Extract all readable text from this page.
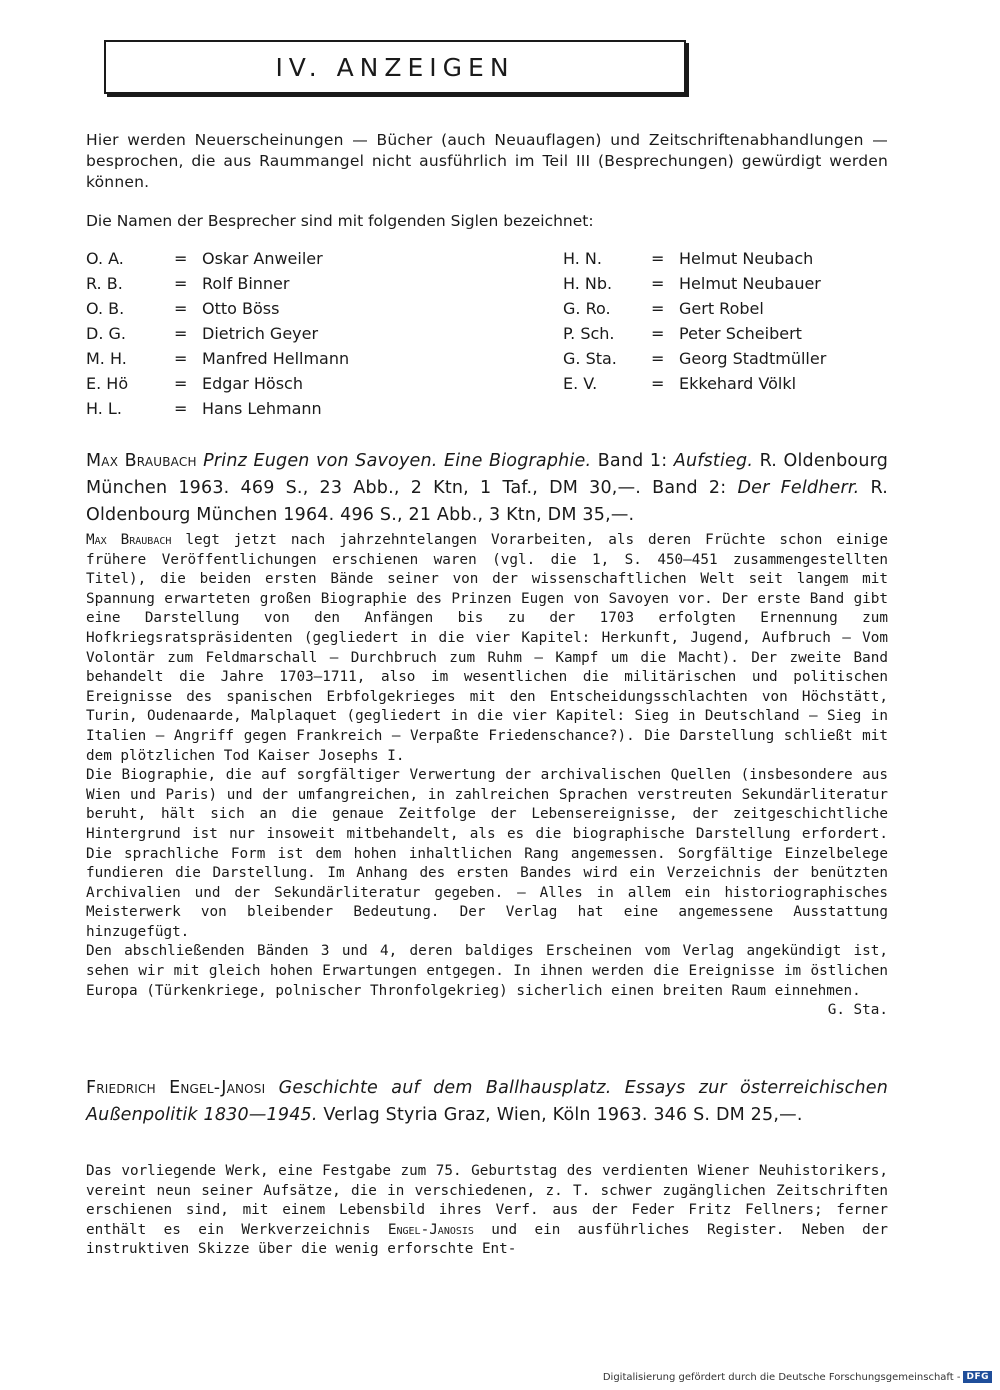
IV. ANZEIGEN

Hier werden Neuerscheinungen — Bücher (auch Neuauflagen) und Zeitschriftenabhandlungen — besprochen, die aus Raummangel nicht ausführlich im Teil III (Besprechungen) gewürdigt werden können.

Die Namen der Besprecher sind mit folgenden Siglen bezeichnet:

O. A.	= Oskar Anweiler
R. B.	= Rolf Binner
O. B.	= Otto Böss
D. G.	= Dietrich Geyer
M. H.	= Manfred Hellmann
E. Hö	= Edgar Hösch
H. L.	= Hans Lehmann
H. N.	= Helmut Neubach
H. Nb. = Helmut Neubauer
G. Ro.	= Gert Robel
P. Sch. = Peter Scheibert
G. Sta. = Georg Stadtmüller
E. V.	= Ekkehard Völkl
Max Braubach Prinz Eugen von Savoyen. Eine Biographie. Band 1: Aufstieg. R. Oldenbourg München 1963. 469 S., 23 Abb., 2 Ktn, 1 Taf., DM 30,—. Band 2: Der Feldherr. R. Oldenbourg München 1964. 496 S., 21 Abb., 3 Ktn, DM 35,—.

Max Braubach legt jetzt nach jahrzehntelangen Vorarbeiten, als deren Früchte schon einige frühere Veröffentlichungen erschienen waren (vgl. die 1, S. 450—451 zusammengestellten Titel), die beiden ersten Bände seiner von der wissenschaftlichen Welt seit langem mit Spannung erwarteten großen Biographie des Prinzen Eugen von Savoyen vor. Der erste Band gibt eine Darstellung von den Anfängen bis zu der 1703 erfolgten Ernennung zum Hofkriegsratspräsidenten (gegliedert in die vier Kapitel: Herkunft, Jugend, Aufbruch — Vom Volontär zum Feldmarschall — Durchbruch zum Ruhm — Kampf um die Macht). Der zweite Band behandelt die Jahre 1703—1711, also im wesentlichen die militärischen und politischen Ereignisse des spanischen Erbfolgekrieges mit den Entscheidungsschlachten von Höchstätt, Turin, Oudenaarde, Malplaquet (gegliedert in die vier Kapitel: Sieg in Deutschland — Sieg in Italien — Angriff gegen Frankreich — Verpaßte Friedenschance?). Die Darstellung schließt mit dem plötzlichen Tod Kaiser Josephs I.

Die Biographie, die auf sorgfältiger Verwertung der archivalischen Quellen (insbesondere aus Wien und Paris) und der umfangreichen, in zahlreichen Sprachen verstreuten Sekundärliteratur beruht, hält sich an die genaue Zeitfolge der Lebensereignisse, der zeitgeschichtliche Hintergrund ist nur insoweit mitbehandelt, als es die biographische Darstellung erfordert. Die sprachliche Form ist dem hohen inhaltlichen Rang angemessen. Sorgfältige Einzelbelege fundieren die Darstellung. Im Anhang des ersten Bandes wird ein Verzeichnis der benützten Archivalien und der Sekundärliteratur gegeben. — Alles in allem ein historiographisches Meisterwerk von bleibender Bedeutung. Der Verlag hat eine angemessene Ausstattung hinzugefügt.

Den abschließenden Bänden 3 und 4, deren baldiges Erscheinen vom Verlag angekündigt ist, sehen wir mit gleich hohen Erwartungen entgegen. In ihnen werden die Ereignisse im östlichen Europa (Türkenkriege, polnischer Thronfolgekrieg) sicherlich einen breiten Raum einnehmen.
G. Sta.

Friedrich Engel-Janosi Geschichte auf dem Ballhausplatz. Essays zur österreichischen Außenpolitik 1830—1945. Verlag Styria Graz, Wien, Köln 1963. 346 S. DM 25,—.

Das vorliegende Werk, eine Festgabe zum 75. Geburtstag des verdienten Wiener Neuhistorikers, vereint neun seiner Aufsätze, die in verschiedenen, z. T. schwer zugänglichen Zeitschriften erschienen sind, mit einem Lebensbild ihres Verf. aus der Feder Fritz Fellners; ferner enthält es ein Werkverzeichnis Engel-Janosis und ein ausführliches Register. Neben der instruktiven Skizze über die wenig erforschte Ent-

Digitalisierung gefördert durch die Deutsche Forschungsgemeinschaft - DFG
